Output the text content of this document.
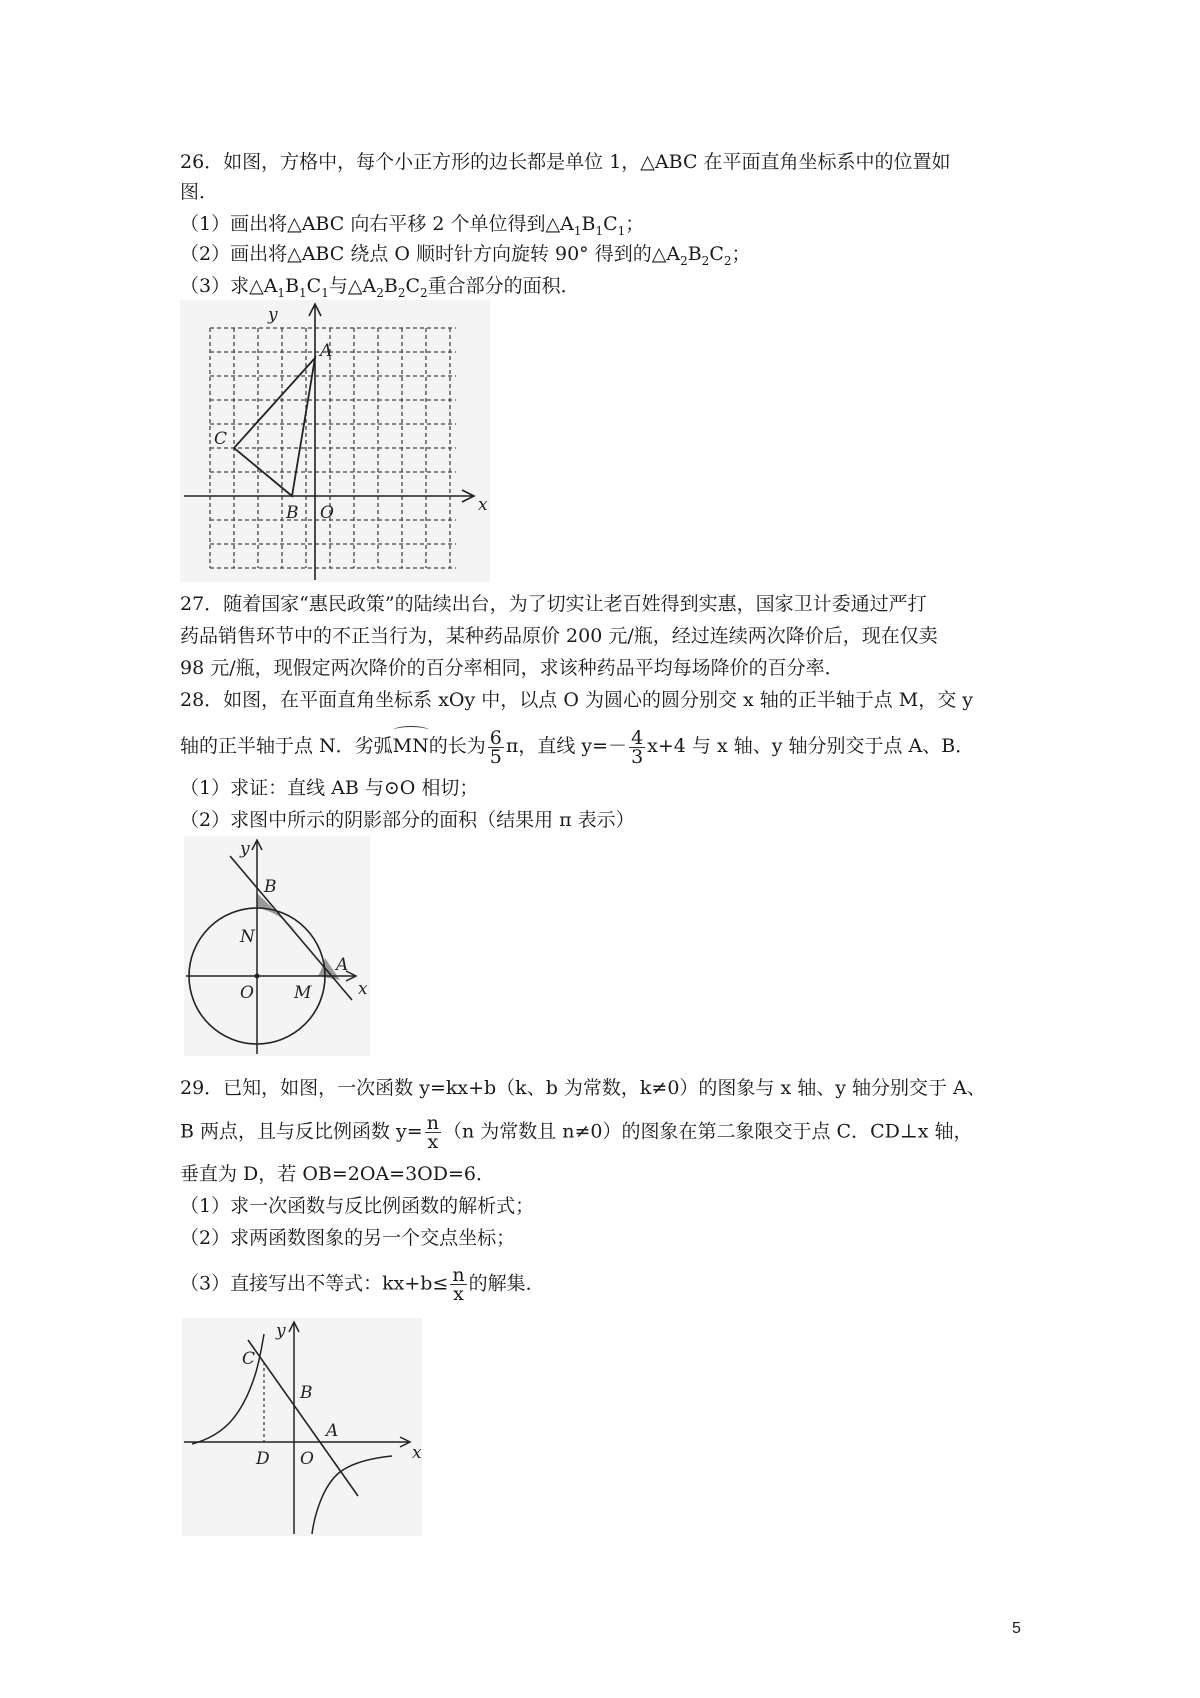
26．如图，方格中，每个小正方形的边长都是单位 1，△ABC 在平面直角坐标系中的位置如
图．
（1）画出将△ABC 向右平移 2 个单位得到$\triangle A_1B_1C_1$；
（2）画出将△ABC 绕点 O 顺时针方向旋转 90° 得到的$\triangle A_2B_2C_2$；
（3）求$\triangle A_1B_1C_1$与$\triangle A_2B_2C_2$重合部分的面积．
y
x
A
C
B O
27．随着国家“惠民政策”的陆续出台，为了切实让老百姓得到实惠，国家卫计委通过严打
药品销售环节中的不正当行为，某种药品原价 200 元/瓶，经过连续两次降价后，现在仅卖
98 元/瓶，现假定两次降价的百分率相同，求该种药品平均每场降价的百分率．
28．如图，在平面直角坐标系 xOy 中，以点 O 为圆心的圆分别交 x 轴的正半轴于点 M，交 y
轴的正半轴于点 N．劣弧MN的长为 $\frac{6}{5}$ π，直线 $y=- \frac{4}{3} x+4$ 与 x 轴、y 轴分别交于点 A、B．
（1）求证：直线 AB 与⊙O 相切；
（2）求图中所示的阴影部分的面积（结果用 π 表示）
y
x
B
N
A
O M
29．已知，如图，一次函数 y=kx+b（k、b 为常数，k≠0）的图象与 x 轴、y 轴分别交于 A、
B 两点，且与反比例函数 $y= \frac{n}{x} (n$ 为常数且 n≠0）的图象在第二象限交于点 C．CD⊥x 轴，
垂直为 D，若 OB=2OA=3OD=6．
（1）求一次函数与反比例函数的解析式；
（2）求两函数图象的另一个交点坐标；
（3）直接写出不等式：$kx+b\le \frac{n}{x}$ 的解集．
y
x
C
B
A
D O
5
